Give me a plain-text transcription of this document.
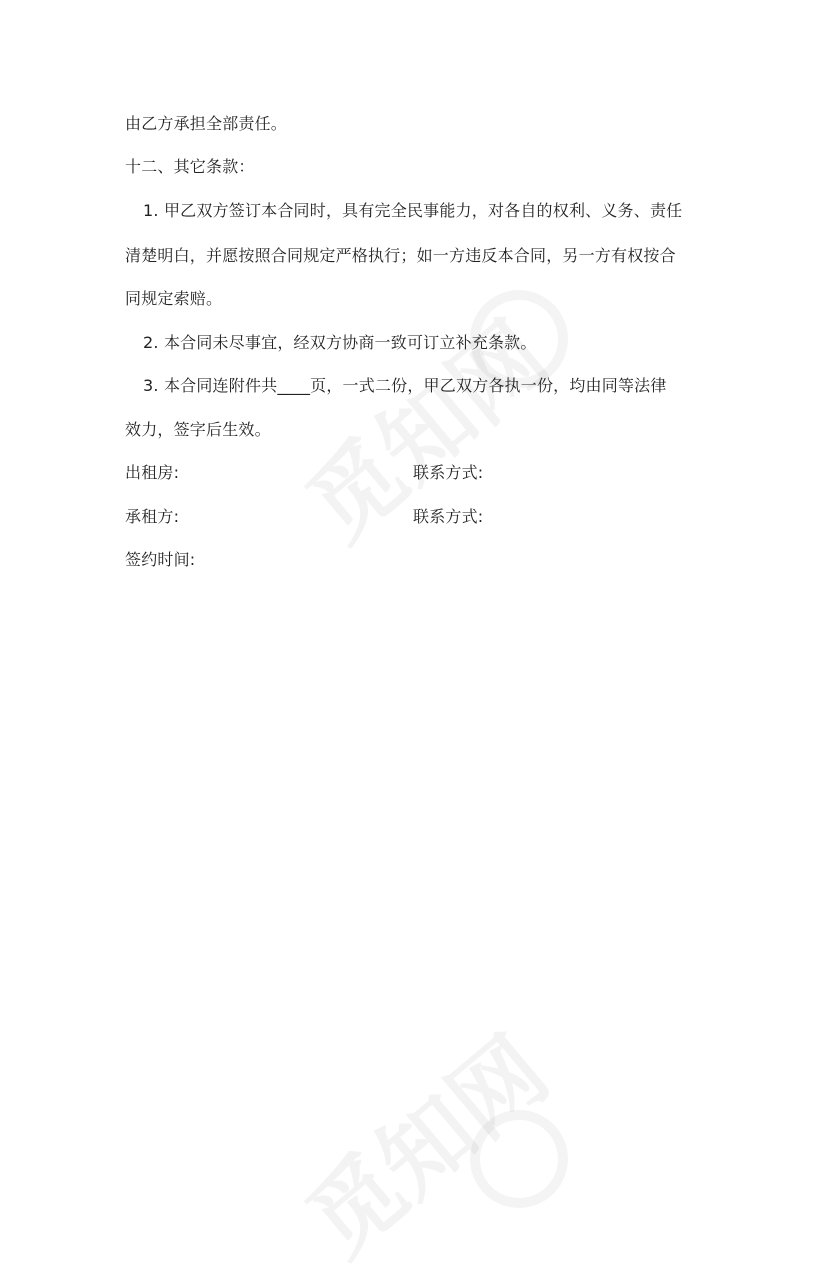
由乙方承担全部责任。
十二、其它条款：
1. 甲乙双方签订本合同时，具有完全民事能力，对各自的权利、义务、责任
清楚明白，并愿按照合同规定严格执行；如一方违反本合同，另一方有权按合
同规定索赔。
2. 本合同未尽事宜，经双方协商一致可订立补充条款。
3. 本合同连附件共____页，一式二份，甲乙双方各执一份，均由同等法律
效力，签字后生效。
出租房:	联系方式:
承租方:	联系方式:
签约时间:
